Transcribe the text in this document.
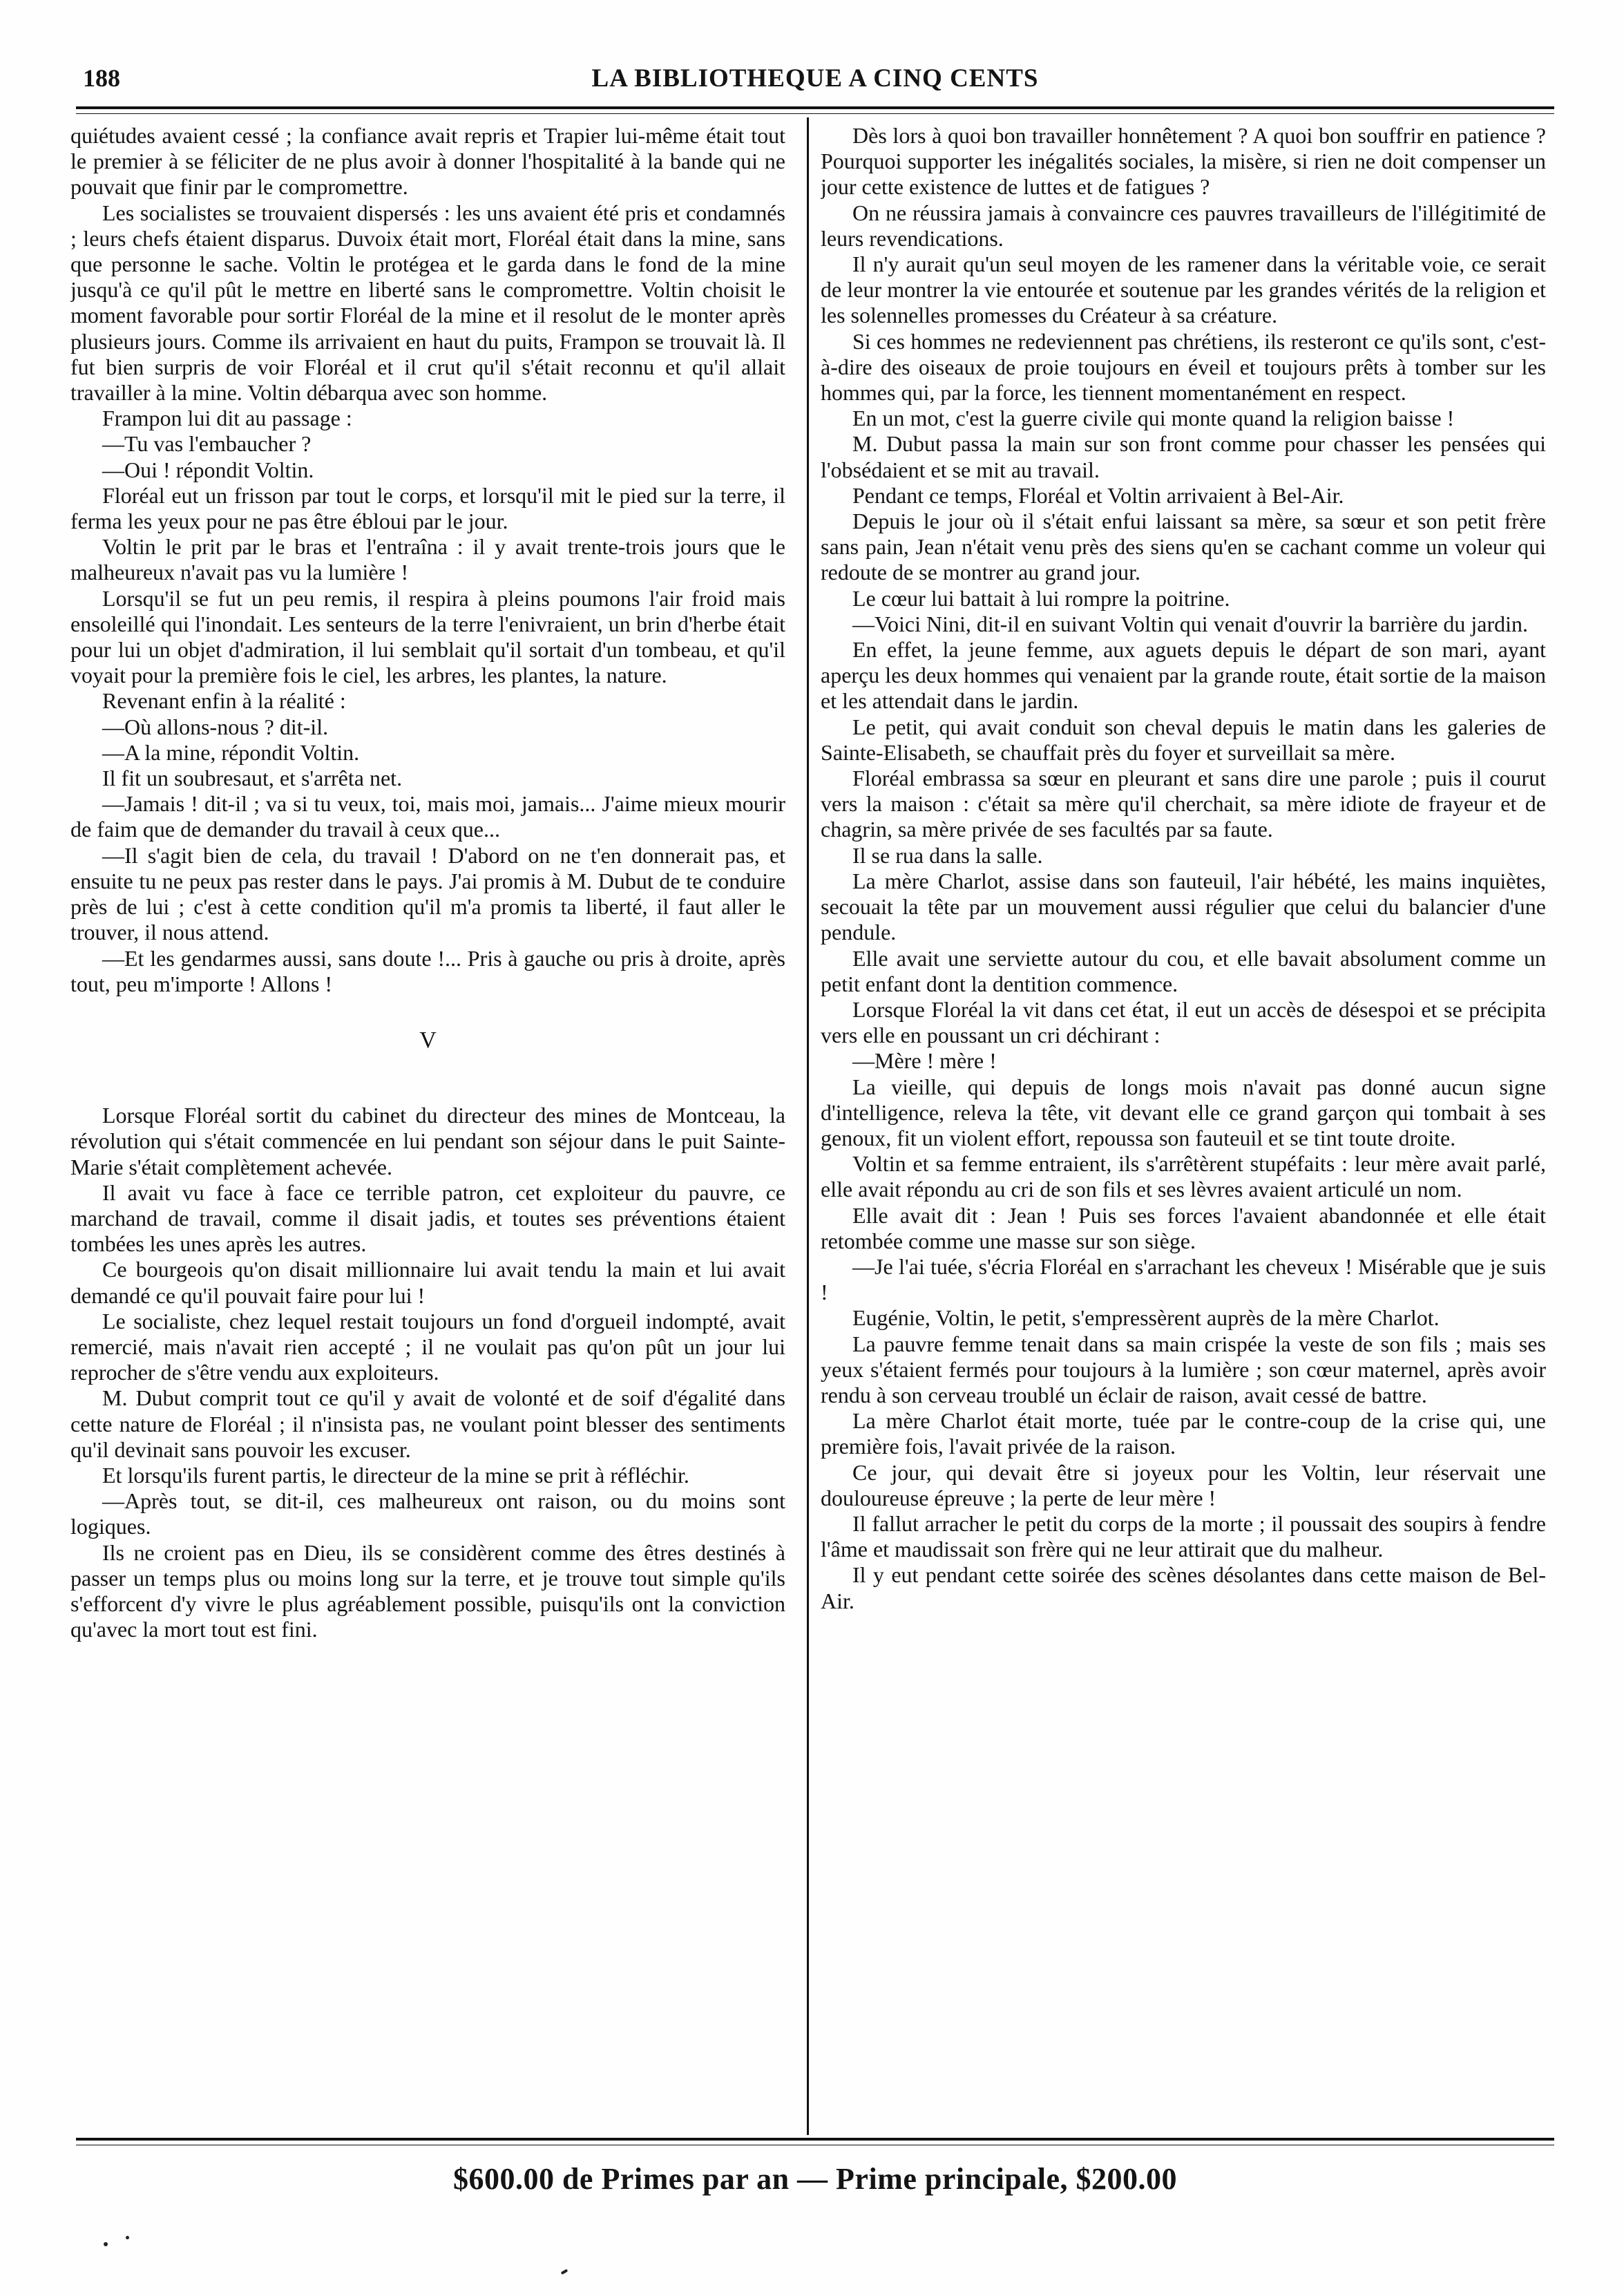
188	LA BIBLIOTHEQUE A CINQ CENTS

quiétudes avaient cessé ; la confiance avait repris et Trapier lui-même était tout le premier à se féliciter de ne plus avoir à donner l'hospitalité à la bande qui ne pouvait que finir par le compromettre.

Les socialistes se trouvaient dispersés : les uns avaient été pris et condamnés ; leurs chefs étaient disparus. Duvoix était mort, Floréal était dans la mine, sans que personne le sache. Voltin le protégea et le garda dans le fond de la mine jusqu'à ce qu'il pût le mettre en liberté sans le compromettre. Voltin choisit le moment favorable pour sortir Floréal de la mine et il resolut de le monter après plusieurs jours. Comme ils arrivaient en haut du puits, Frampon se trouvait là. Il fut bien surpris de voir Floréal et il crut qu'il s'était reconnu et qu'il allait travailler à la mine. Voltin débarqua avec son homme.

Frampon lui dit au passage :

—Tu vas l'embaucher ?

—Oui ! répondit Voltin.

Floréal eut un frisson par tout le corps, et lorsqu'il mit le pied sur la terre, il ferma les yeux pour ne pas être ébloui par le jour.

Voltin le prit par le bras et l'entraîna : il y avait trente-trois jours que le malheureux n'avait pas vu la lumière !

Lorsqu'il se fut un peu remis, il respira à pleins poumons l'air froid mais ensoleillé qui l'inondait. Les senteurs de la terre l'enivraient, un brin d'herbe était pour lui un objet d'admiration, il lui semblait qu'il sortait d'un tombeau, et qu'il voyait pour la première fois le ciel, les arbres, les plantes, la nature.

Revenant enfin à la réalité :

—Où allons-nous ? dit-il.

—A la mine, répondit Voltin.

Il fit un soubresaut, et s'arrêta net.

—Jamais ! dit-il ; va si tu veux, toi, mais moi, jamais... J'aime mieux mourir de faim que de demander du travail à ceux que...

—Il s'agit bien de cela, du travail ! D'abord on ne t'en donnerait pas, et ensuite tu ne peux pas rester dans le pays. J'ai promis à M. Dubut de te conduire près de lui ; c'est à cette condition qu'il m'a promis ta liberté, il faut aller le trouver, il nous attend.

—Et les gendarmes aussi, sans doute !... Pris à gauche ou pris à droite, après tout, peu m'importe ! Allons !

V

Lorsque Floréal sortit du cabinet du directeur des mines de Montceau, la révolution qui s'était commencée en lui pendant son séjour dans le puit Sainte-Marie s'était complètement achevée.

Il avait vu face à face ce terrible patron, cet exploiteur du pauvre, ce marchand de travail, comme il disait jadis, et toutes ses préventions étaient tombées les unes après les autres.

Ce bourgeois qu'on disait millionnaire lui avait tendu la main et lui avait demandé ce qu'il pouvait faire pour lui !

Le socialiste, chez lequel restait toujours un fond d'orgueil indompté, avait remercié, mais n'avait rien accepté ; il ne voulait pas qu'on pût un jour lui reprocher de s'être vendu aux exploiteurs.

M. Dubut comprit tout ce qu'il y avait de volonté et de soif d'égalité dans cette nature de Floréal ; il n'insista pas, ne voulant point blesser des sentiments qu'il devinait sans pouvoir les excuser.

Et lorsqu'ils furent partis, le directeur de la mine se prit à réfléchir.

—Après tout, se dit-il, ces malheureux ont raison, ou du moins sont logiques.

Ils ne croient pas en Dieu, ils se considèrent comme des êtres destinés à passer un temps plus ou moins long sur la terre, et je trouve tout simple qu'ils s'efforcent d'y vivre le plus agréablement possible, puisqu'ils ont la conviction qu'avec la mort tout est fini.

Dès lors à quoi bon travailler honnêtement ? A quoi bon souffrir en patience ? Pourquoi supporter les inégalités sociales, la misère, si rien ne doit compenser un jour cette existence de luttes et de fatigues ?

On ne réussira jamais à convaincre ces pauvres travailleurs de l'illégitimité de leurs revendications.

Il n'y aurait qu'un seul moyen de les ramener dans la véritable voie, ce serait de leur montrer la vie entourée et soutenue par les grandes vérités de la religion et les solennelles promesses du Créateur à sa créature.

Si ces hommes ne redeviennent pas chrétiens, ils resteront ce qu'ils sont, c'est-à-dire des oiseaux de proie toujours en éveil et toujours prêts à tomber sur les hommes qui, par la force, les tiennent momentanément en respect.

En un mot, c'est la guerre civile qui monte quand la religion baisse !

M. Dubut passa la main sur son front comme pour chasser les pensées qui l'obsédaient et se mit au travail.

Pendant ce temps, Floréal et Voltin arrivaient à Bel-Air.

Depuis le jour où il s'était enfui laissant sa mère, sa sœur et son petit frère sans pain, Jean n'était venu près des siens qu'en se cachant comme un voleur qui redoute de se montrer au grand jour.

Le cœur lui battait à lui rompre la poitrine.

—Voici Nini, dit-il en suivant Voltin qui venait d'ouvrir la barrière du jardin.

En effet, la jeune femme, aux aguets depuis le départ de son mari, ayant aperçu les deux hommes qui venaient par la grande route, était sortie de la maison et les attendait dans le jardin.

Le petit, qui avait conduit son cheval depuis le matin dans les galeries de Sainte-Elisabeth, se chauffait près du foyer et surveillait sa mère.

Floréal embrassa sa sœur en pleurant et sans dire une parole ; puis il courut vers la maison : c'était sa mère qu'il cherchait, sa mère idiote de frayeur et de chagrin, sa mère privée de ses facultés par sa faute.

Il se rua dans la salle.

La mère Charlot, assise dans son fauteuil, l'air hébété, les mains inquiètes, secouait la tête par un mouvement aussi régulier que celui du balancier d'une pendule.

Elle avait une serviette autour du cou, et elle bavait absolument comme un petit enfant dont la dentition commence.

Lorsque Floréal la vit dans cet état, il eut un accès de désespoi et se précipita vers elle en poussant un cri déchirant :

—Mère ! mère !

La vieille, qui depuis de longs mois n'avait pas donné aucun signe d'intelligence, releva la tête, vit devant elle ce grand garçon qui tombait à ses genoux, fit un violent effort, repoussa son fauteuil et se tint toute droite.

Voltin et sa femme entraient, ils s'arrêtèrent stupéfaits : leur mère avait parlé, elle avait répondu au cri de son fils et ses lèvres avaient articulé un nom.

Elle avait dit : Jean ! Puis ses forces l'avaient abandonnée et elle était retombée comme une masse sur son siège.

—Je l'ai tuée, s'écria Floréal en s'arrachant les cheveux ! Misérable que je suis !

Eugénie, Voltin, le petit, s'empressèrent auprès de la mère Charlot.

La pauvre femme tenait dans sa main crispée la veste de son fils ; mais ses yeux s'étaient fermés pour toujours à la lumière ; son cœur maternel, après avoir rendu à son cerveau troublé un éclair de raison, avait cessé de battre.

La mère Charlot était morte, tuée par le contre-coup de la crise qui, une première fois, l'avait privée de la raison.

Ce jour, qui devait être si joyeux pour les Voltin, leur réservait une douloureuse épreuve ; la perte de leur mère !

Il fallut arracher le petit du corps de la morte ; il poussait des soupirs à fendre l'âme et maudissait son frère qui ne leur attirait que du malheur.

Il y eut pendant cette soirée des scènes désolantes dans cette maison de Bel-Air.

$600.00 de Primes par an — Prime principale, $200.00
